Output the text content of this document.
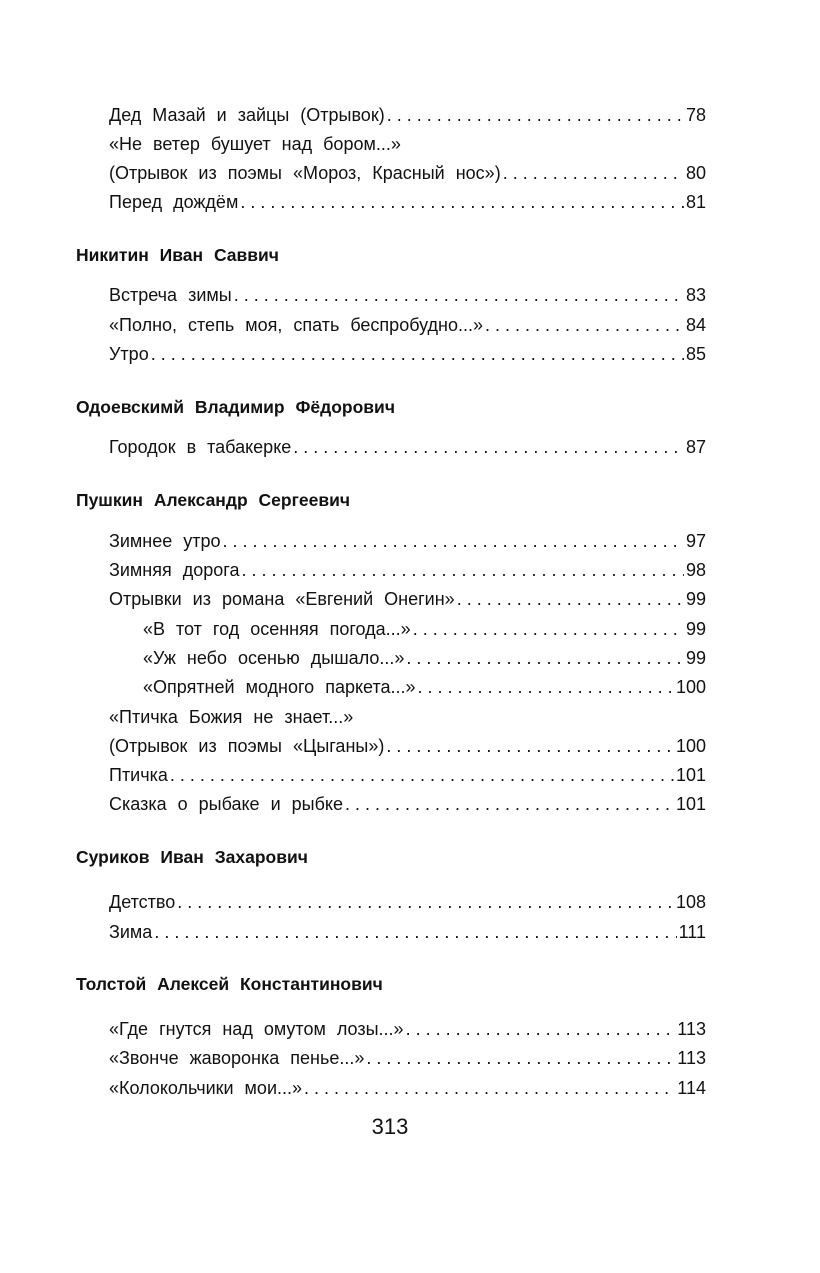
Дед Мазай и зайцы (Отрывок) . . .	78
«Не ветер бушует над бором...»
(Отрывок из поэмы «Мороз, Красный нос») . . .	80
Перед дождём . . .	81
Никитин Иван Саввич
Встреча зимы . . .	83
«Полно, степь моя, спать беспробудно...» . . .	84
Утро . . .	85
Одоевскимй Владимир Фёдорович
Городок в табакерке . . .	87
Пушкин Александр Сергеевич
Зимнее утро . . .	97
Зимняя дорога . . .	98
Отрывки из романа «Евгений Онегин» . . .	99
«В тот год осенняя погода...» . . .	99
«Уж небо осенью дышало...» . . .	99
«Опрятней модного паркета...» . . .	100
«Птичка Божия не знает...»
(Отрывок из поэмы «Цыганы») . . .	100
Птичка . . .	101
Сказка о рыбаке и рыбке . . .	101
Суриков Иван Захарович
Детство . . .	108
Зима . . .	111
Толстой Алексей Константинович
«Где гнутся над омутом лозы...» . . .	113
«Звонче жаворонка пенье...» . . .	113
«Колокольчики мои...» . . .	114
313
